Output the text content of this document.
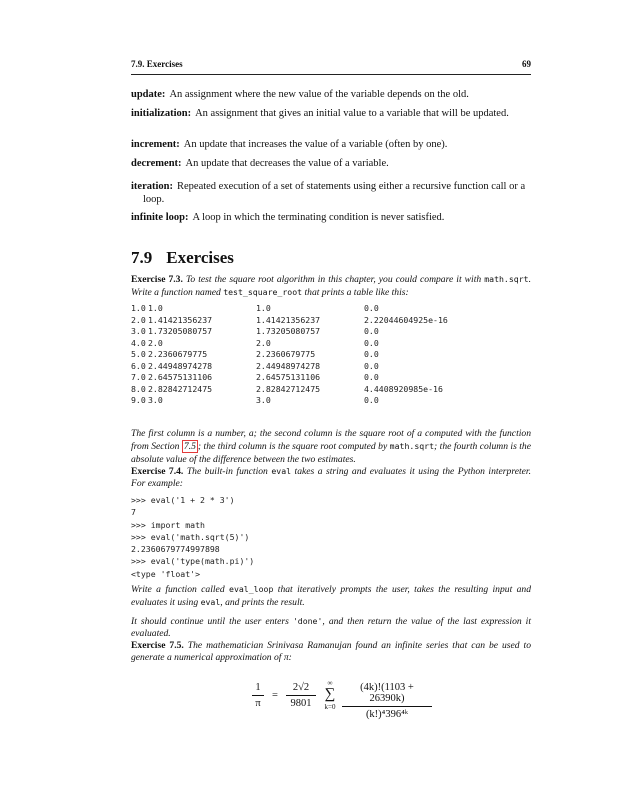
7.9. Exercises	69
update: An assignment where the new value of the variable depends on the old.
initialization: An assignment that gives an initial value to a variable that will be updated.
increment: An update that increases the value of a variable (often by one).
decrement: An update that decreases the value of a variable.
iteration: Repeated execution of a set of statements using either a recursive function call or a loop.
infinite loop: A loop in which the terminating condition is never satisfied.
7.9 Exercises
Exercise 7.3. To test the square root algorithm in this chapter, you could compare it with math.sqrt. Write a function named test_square_root that prints a table like this:
1.0 1.0	1.0	0.0
2.0 1.41421356237	1.41421356237	2.22044604925e-16
3.0 1.73205080757	1.73205080757	0.0
4.0 2.0	2.0	0.0
5.0 2.2360679775	2.2360679775	0.0
6.0 2.44948974278	2.44948974278	0.0
7.0 2.64575131106	2.64575131106	0.0
8.0 2.82842712475	2.82842712475	4.4408920985e-16
9.0 3.0	3.0	0.0
The first column is a number, a; the second column is the square root of a computed with the function from Section 7.5 ; the third column is the square root computed by math.sqrt; the fourth column is the absolute value of the difference between the two estimates.
Exercise 7.4. The built-in function eval takes a string and evaluates it using the Python interpreter. For example:
>>> eval('1 + 2 * 3')
7
>>> import math
>>> eval('math.sqrt(5)')
2.2360679774997898
>>> eval('type(math.pi)')
<type 'float'>
Write a function called eval_loop that iteratively prompts the user, takes the resulting input and evaluates it using eval, and prints the result.
It should continue until the user enters 'done', and then return the value of the last expression it evaluated.
Exercise 7.5. The mathematician Srinivasa Ramanujan found an infinite series that can be used to generate a numerical approximation of π:
1
π
=
2√2
9801
∞
∑
k=0
(4k)!(1103 + 26390k)
(k!)⁴396⁴ᵏ
